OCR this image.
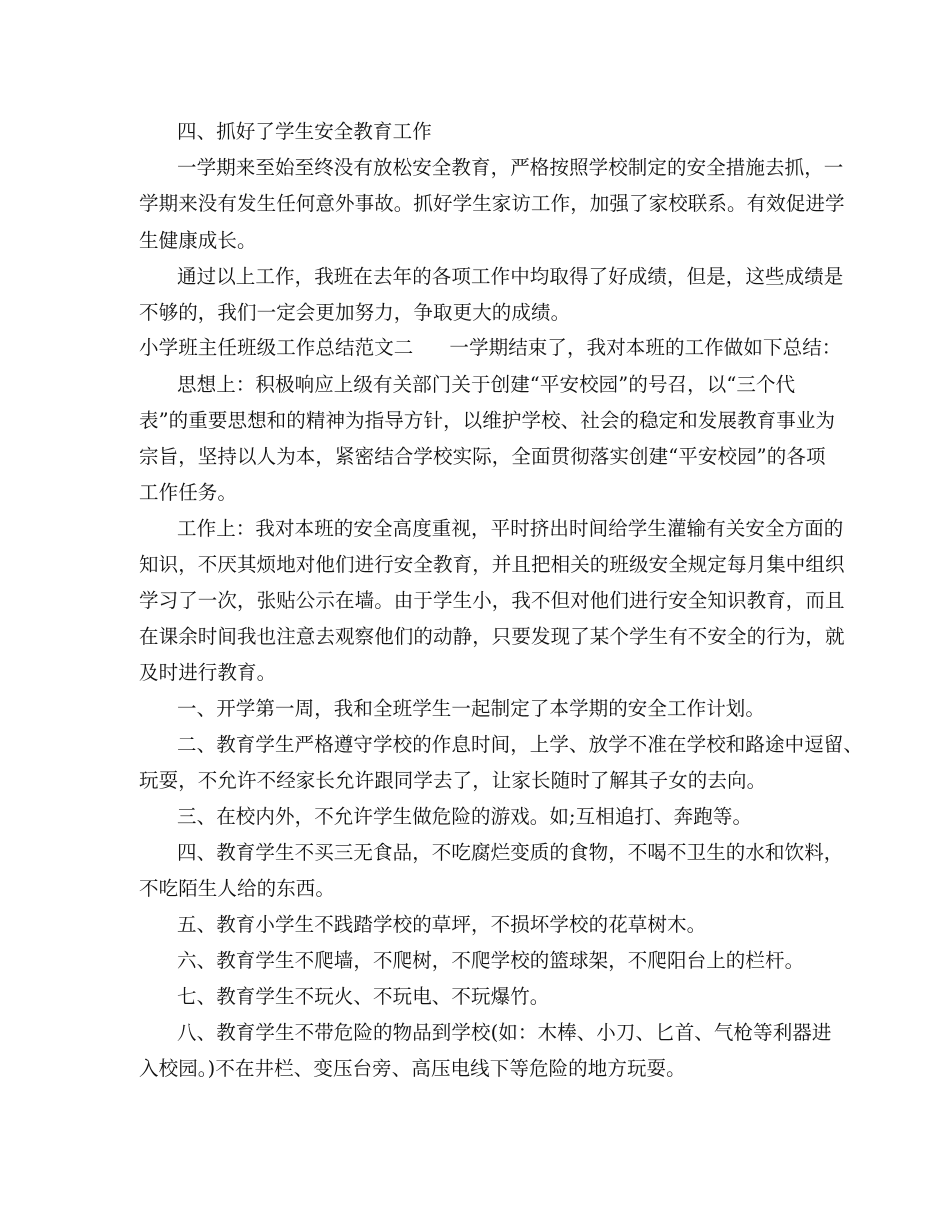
四、抓好了学生安全教育工作
一学期来至始至终没有放松安全教育，严格按照学校制定的安全措施去抓，一
学期来没有发生任何意外事故。抓好学生家访工作，加强了家校联系。有效促进学
生健康成长。
通过以上工作，我班在去年的各项工作中均取得了好成绩，但是，这些成绩是
不够的，我们一定会更加努力，争取更大的成绩。
小学班主任班级工作总结范文二 一学期结束了，我对本班的工作做如下总结：
思想上：积极响应上级有关部门关于创建“平安校园”的号召，以“三个代
表”的重要思想和的精神为指导方针，以维护学校、社会的稳定和发展教育事业为
宗旨，坚持以人为本，紧密结合学校实际，全面贯彻落实创建“平安校园”的各项
工作任务。
工作上：我对本班的安全高度重视，平时挤出时间给学生灌输有关安全方面的
知识，不厌其烦地对他们进行安全教育，并且把相关的班级安全规定每月集中组织
学习了一次，张贴公示在墙。由于学生小，我不但对他们进行安全知识教育，而且
在课余时间我也注意去观察他们的动静，只要发现了某个学生有不安全的行为，就
及时进行教育。
一、开学第一周，我和全班学生一起制定了本学期的安全工作计划。
二、教育学生严格遵守学校的作息时间，上学、放学不准在学校和路途中逗留、
玩耍，不允许不经家长允许跟同学去了，让家长随时了解其子女的去向。
三、在校内外，不允许学生做危险的游戏。如;互相追打、奔跑等。
四、教育学生不买三无食品，不吃腐烂变质的食物，不喝不卫生的水和饮料，
不吃陌生人给的东西。
五、教育小学生不践踏学校的草坪，不损坏学校的花草树木。
六、教育学生不爬墙，不爬树，不爬学校的篮球架，不爬阳台上的栏杆。
七、教育学生不玩火、不玩电、不玩爆竹。
八、教育学生不带危险的物品到学校(如：木棒、小刀、匕首、气枪等利器进
入校园。)不在井栏、变压台旁、高压电线下等危险的地方玩耍。
